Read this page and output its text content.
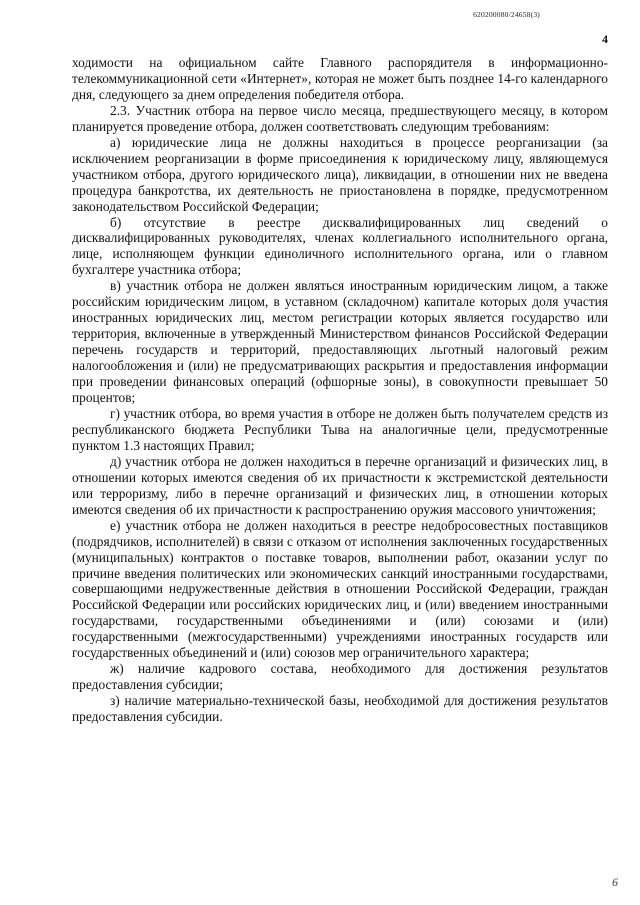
620200080/24658(3)
4

ходимости на официальном сайте Главного распорядителя в информационно-телекоммуникационной сети «Интернет», которая не может быть позднее 14-го календарного дня, следующего за днем определения победителя отбора.

2.3. Участник отбора на первое число месяца, предшествующего месяцу, в котором планируется проведение отбора, должен соответствовать следующим требованиям:

а) юридические лица не должны находиться в процессе реорганизации (за исключением реорганизации в форме присоединения к юридическому лицу, являющемуся участником отбора, другого юридического лица), ликвидации, в отношении них не введена процедура банкротства, их деятельность не приостановлена в порядке, предусмотренном законодательством Российской Федерации;

б) отсутствие в реестре дисквалифицированных лиц сведений о дисквалифицированных руководителях, членах коллегиального исполнительного органа, лице, исполняющем функции единоличного исполнительного органа, или о главном бухгалтере участника отбора;

в) участник отбора не должен являться иностранным юридическим лицом, а также российским юридическим лицом, в уставном (складочном) капитале которых доля участия иностранных юридических лиц, местом регистрации которых является государство или территория, включенные в утвержденный Министерством финансов Российской Федерации перечень государств и территорий, предоставляющих льготный налоговый режим налогообложения и (или) не предусматривающих раскрытия и предоставления информации при проведении финансовых операций (офшорные зоны), в совокупности превышает 50 процентов;

г) участник отбора, во время участия в отборе не должен быть получателем средств из республиканского бюджета Республики Тыва на аналогичные цели, предусмотренные пунктом 1.3 настоящих Правил;

д) участник отбора не должен находиться в перечне организаций и физических лиц, в отношении которых имеются сведения об их причастности к экстремистской деятельности или терроризму, либо в перечне организаций и физических лиц, в отношении которых имеются сведения об их причастности к распространению оружия массового уничтожения;

е) участник отбора не должен находиться в реестре недобросовестных поставщиков (подрядчиков, исполнителей) в связи с отказом от исполнения заключенных государственных (муниципальных) контрактов о поставке товаров, выполнении работ, оказании услуг по причине введения политических или экономических санкций иностранными государствами, совершающими недружественные действия в отношении Российской Федерации, граждан Российской Федерации или российских юридических лиц, и (или) введением иностранными государствами, государственными объединениями и (или) союзами и (или) государственными (межгосударственными) учреждениями иностранных государств или государственных объединений и (или) союзов мер ограничительного характера;

ж) наличие кадрового состава, необходимого для достижения результатов предоставления субсидии;

з) наличие материально-технической базы, необходимой для достижения результатов предоставления субсидии.

6
